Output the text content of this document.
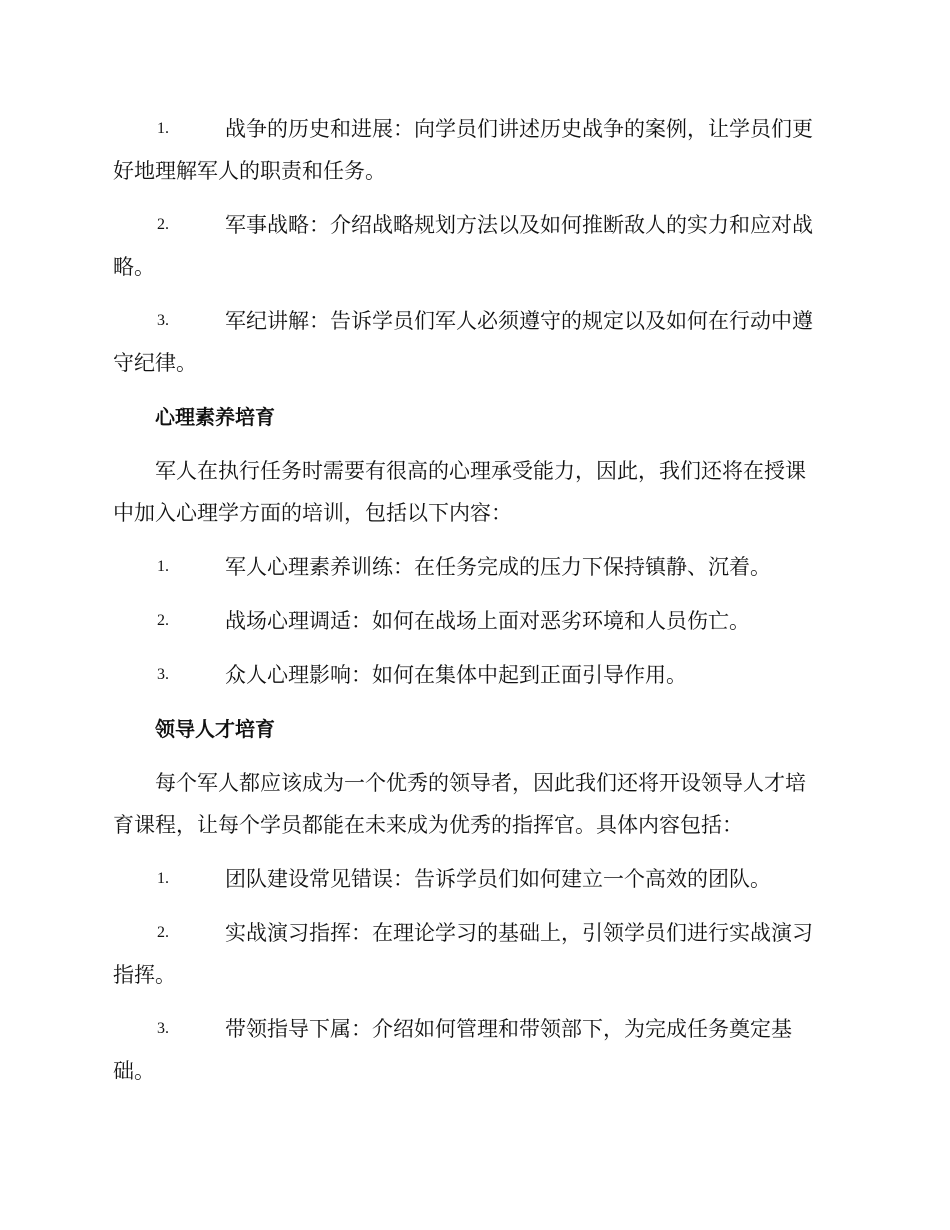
1.	战争的历史和进展：向学员们讲述历史战争的案例，让学员们更
好地理解军人的职责和任务。
2.	军事战略：介绍战略规划方法以及如何推断敌人的实力和应对战
略。
3.	军纪讲解：告诉学员们军人必须遵守的规定以及如何在行动中遵
守纪律。
心理素养培育
军人在执行任务时需要有很高的心理承受能力，因此，我们还将在授课
中加入心理学方面的培训，包括以下内容：
1.	军人心理素养训练：在任务完成的压力下保持镇静、沉着。
2.	战场心理调适：如何在战场上面对恶劣环境和人员伤亡。
3.	众人心理影响：如何在集体中起到正面引导作用。
领导人才培育
每个军人都应该成为一个优秀的领导者，因此我们还将开设领导人才培
育课程，让每个学员都能在未来成为优秀的指挥官。具体内容包括：
1.	团队建设常见错误：告诉学员们如何建立一个高效的团队。
2.	实战演习指挥：在理论学习的基础上，引领学员们进行实战演习
指挥。
3.	带领指导下属：介绍如何管理和带领部下，为完成任务奠定基
础。
